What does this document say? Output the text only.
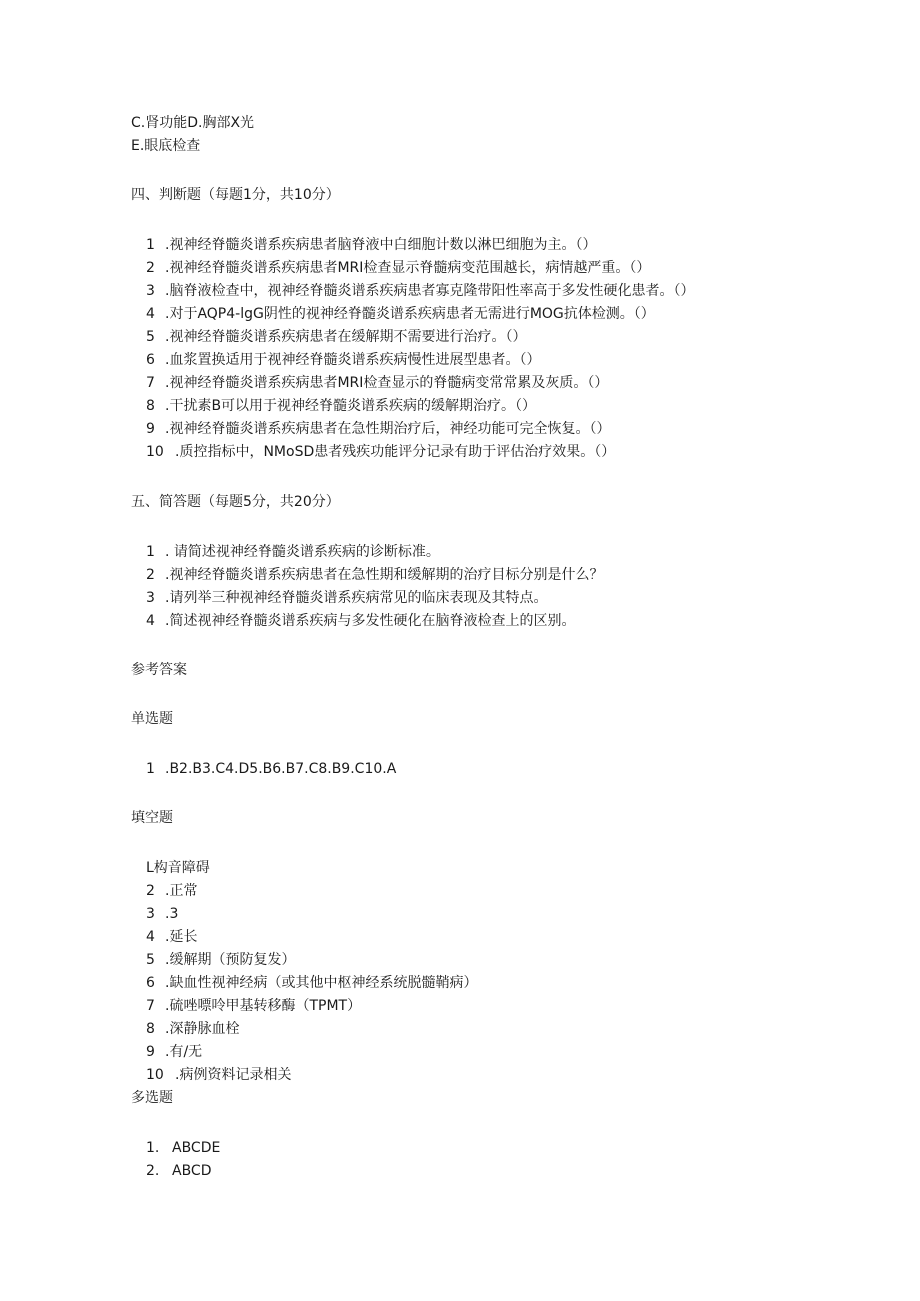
C.肾功能D.胸部X光
E.眼底检查
四、判断题（每题1分，共10分）
1 .视神经脊髓炎谱系疾病患者脑脊液中白细胞计数以淋巴细胞为主。（）
2 .视神经脊髓炎谱系疾病患者MRI检查显示脊髓病变范围越长，病情越严重。（）
3 .脑脊液检查中，视神经脊髓炎谱系疾病患者寡克隆带阳性率高于多发性硬化患者。（）
4 .对于AQP4-lgG阴性的视神经脊髓炎谱系疾病患者无需进行MOG抗体检测。（）
5 .视神经脊髓炎谱系疾病患者在缓解期不需要进行治疗。（）
6 .血浆置换适用于视神经脊髓炎谱系疾病慢性进展型患者。（）
7 .视神经脊髓炎谱系疾病患者MRI检查显示的脊髓病变常常累及灰质。（）
8 .干扰素B可以用于视神经脊髓炎谱系疾病的缓解期治疗。（）
9 .视神经脊髓炎谱系疾病患者在急性期治疗后，神经功能可完全恢复。（）
10 .质控指标中，NMoSD患者残疾功能评分记录有助于评估治疗效果。（）
五、简答题（每题5分，共20分）
1 . 请简述视神经脊髓炎谱系疾病的诊断标准。
2 .视神经脊髓炎谱系疾病患者在急性期和缓解期的治疗目标分别是什么？
3 .请列举三种视神经脊髓炎谱系疾病常见的临床表现及其特点。
4 .简述视神经脊髓炎谱系疾病与多发性硬化在脑脊液检查上的区别。
参考答案
单选题
1 .B2.B3.C4.D5.B6.B7.C8.B9.C10.A
填空题
L构音障碍
2 .正常
3 .3
4 .延长
5 .缓解期（预防复发）
6 .缺血性视神经病（或其他中枢神经系统脱髓鞘病）
7 .硫唑嘌呤甲基转移酶（TPMT）
8 .深静脉血栓
9 .有/无
10 .病例资料记录相关
多选题
1. ABCDE
2. ABCD
